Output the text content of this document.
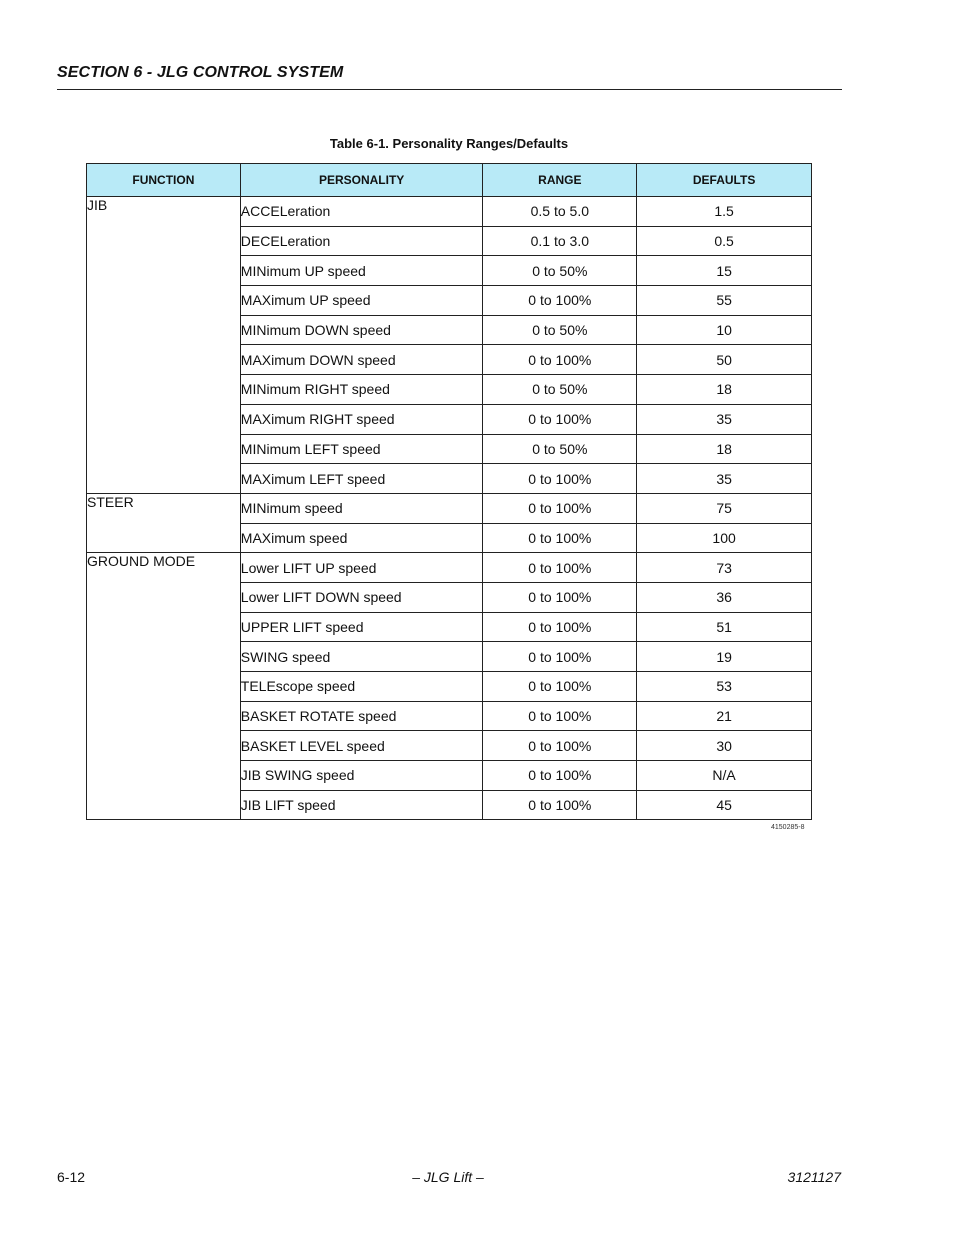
SECTION 6 - JLG CONTROL SYSTEM
Table 6-1. Personality Ranges/Defaults
FUNCTION	PERSONALITY	RANGE	DEFAULTS
JIB	ACCELeration	0.5 to 5.0	1.5
	DECELeration	0.1 to 3.0	0.5
	MINimum UP speed	0 to 50%	15
	MAXimum UP speed	0 to 100%	55
	MINimum DOWN speed	0 to 50%	10
	MAXimum DOWN speed	0 to 100%	50
	MINimum RIGHT speed	0 to 50%	18
	MAXimum RIGHT speed	0 to 100%	35
	MINimum LEFT speed	0 to 50%	18
	MAXimum LEFT speed	0 to 100%	35
STEER	MINimum speed	0 to 100%	75
	MAXimum speed	0 to 100%	100
GROUND MODE	Lower LIFT UP speed	0 to 100%	73
	Lower LIFT DOWN speed	0 to 100%	36
	UPPER LIFT speed	0 to 100%	51
	SWING speed	0 to 100%	19
	TELEscope speed	0 to 100%	53
	BASKET ROTATE speed	0 to 100%	21
	BASKET LEVEL speed	0 to 100%	30
	JIB SWING speed	0 to 100%	N/A
	JIB LIFT speed	0 to 100%	45
4150285-8
6-12	– JLG Lift –	3121127
